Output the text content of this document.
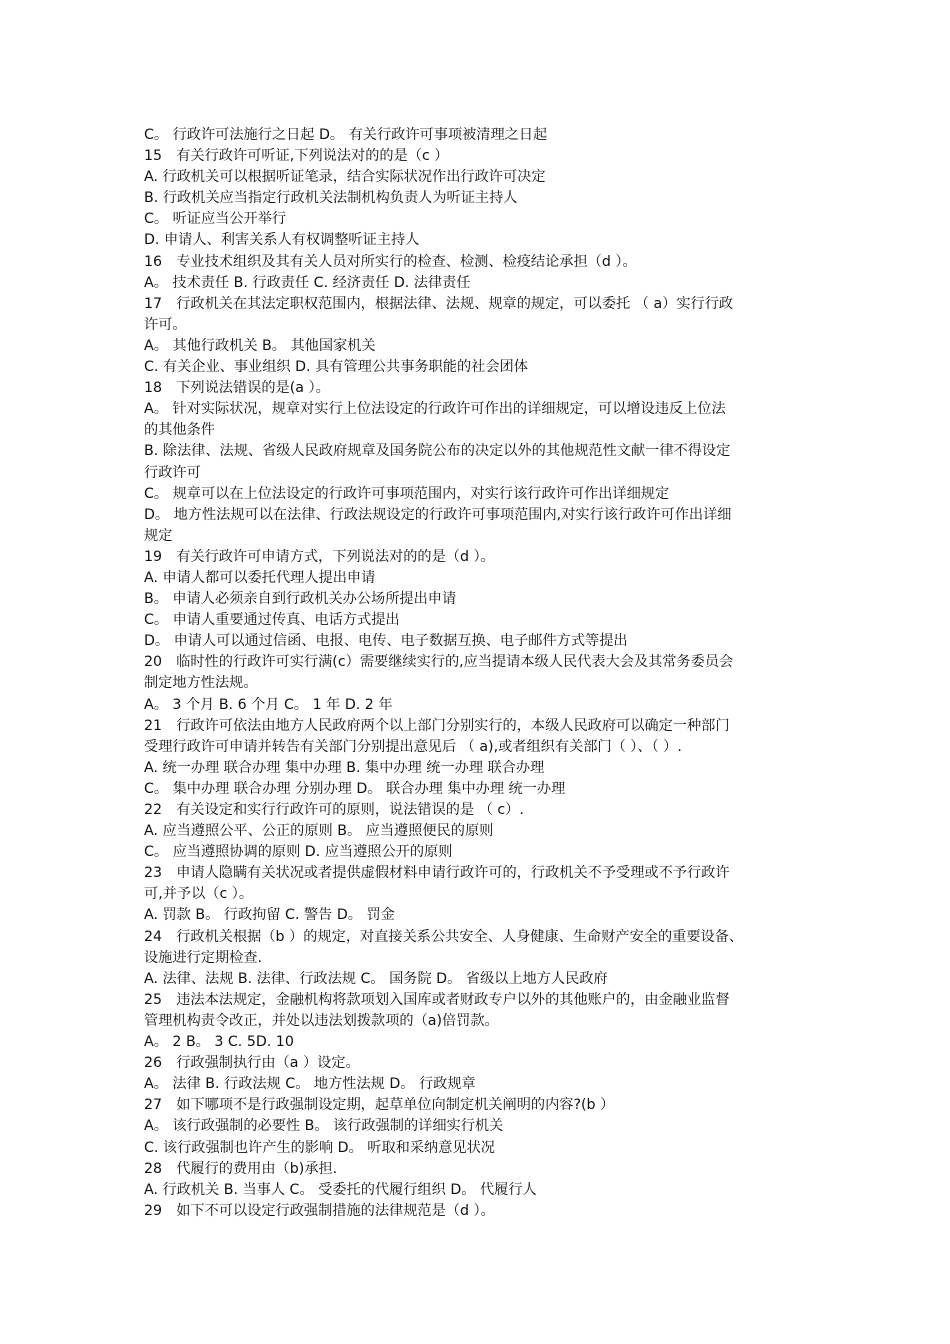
C。 行政许可法施行之日起 D。 有关行政许可事项被清理之日起
15　有关行政许可听证,下列说法对的的是（c ）
A. 行政机关可以根据听证笔录，结合实际状况作出行政许可决定
B. 行政机关应当指定行政机关法制机构负责人为听证主持人
C。 听证应当公开举行
D. 申请人、利害关系人有权调整听证主持人
16　专业技术组织及其有关人员对所实行的检查、检测、检疫结论承担（d ）。
A。 技术责任 B. 行政责任 C. 经济责任 D. 法律责任
17　行政机关在其法定职权范围内，根据法律、法规、规章的规定，可以委托 （ a）实行行政
许可。
A。 其他行政机关 B。 其他国家机关
C. 有关企业、事业组织 D. 具有管理公共事务职能的社会团体
18　下列说法错误的是(a ）。
A。 针对实际状况，规章对实行上位法设定的行政许可作出的详细规定，可以增设违反上位法
的其他条件
B. 除法律、法规、省级人民政府规章及国务院公布的决定以外的其他规范性文献一律不得设定
行政许可
C。 规章可以在上位法设定的行政许可事项范围内，对实行该行政许可作出详细规定
D。 地方性法规可以在法律、行政法规设定的行政许可事项范围内,对实行该行政许可作出详细
规定
19　有关行政许可申请方式，下列说法对的的是（d ）。
A. 申请人都可以委托代理人提出申请
B。 申请人必须亲自到行政机关办公场所提出申请
C。 申请人重要通过传真、电话方式提出
D。 申请人可以通过信函、电报、电传、电子数据互换、电子邮件方式等提出
20　临时性的行政许可实行满(c）需要继续实行的,应当提请本级人民代表大会及其常务委员会
制定地方性法规。
A。 3 个月 B. 6 个月 C。 1 年 D. 2 年
21　行政许可依法由地方人民政府两个以上部门分别实行的，本级人民政府可以确定一种部门
受理行政许可申请并转告有关部门分别提出意见后 （ a),或者组织有关部门（ ）、（ ）.
A. 统一办理 联合办理 集中办理 B. 集中办理 统一办理 联合办理
C。 集中办理 联合办理 分别办理 D。 联合办理 集中办理 统一办理
22　有关设定和实行行政许可的原则，说法错误的是 （ c）.
A. 应当遵照公平、公正的原则 B。 应当遵照便民的原则
C。 应当遵照协调的原则 D. 应当遵照公开的原则
23　申请人隐瞒有关状况或者提供虚假材料申请行政许可的，行政机关不予受理或不予行政许
可,并予以（c ）。
A. 罚款 B。 行政拘留 C. 警告 D。 罚金
24　行政机关根据（b ）的规定，对直接关系公共安全、人身健康、生命财产安全的重要设备、
设施进行定期检查.
A. 法律、法规 B. 法律、行政法规 C。 国务院 D。 省级以上地方人民政府
25　违法本法规定，金融机构将款项划入国库或者财政专户以外的其他账户的，由金融业监督
管理机构责令改正，并处以违法划拨款项的（a)倍罚款。
A。 2 B。 3 C. 5D. 10
26　行政强制执行由（a ）设定。
A。 法律 B. 行政法规 C。 地方性法规 D。 行政规章
27　如下哪项不是行政强制设定期，起草单位向制定机关阐明的内容?(b ）
A。 该行政强制的必要性 B。 该行政强制的详细实行机关
C. 该行政强制也许产生的影响 D。 听取和采纳意见状况
28　代履行的费用由（b)承担.
A. 行政机关 B. 当事人 C。 受委托的代履行组织 D。 代履行人
29　如下不可以设定行政强制措施的法律规范是（d ）。
